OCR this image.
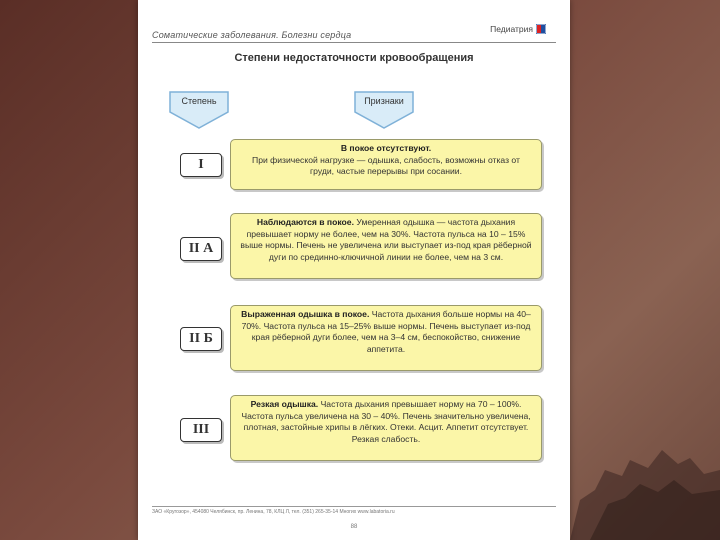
Соматические заболевания. Болезни сердца
Педиатрия
Степени недостаточности кровообращения
Степень	Признаки
I
В покое отсутствуют.
При физической нагрузке — одышка, слабость, возможны отказ от груди, частые перерывы при сосании.
II А
Наблюдаются в покое. Умеренная одышка — частота дыхания превышает норму не более, чем на 30%. Частота пульса на 10 – 15% выше нормы. Печень не увеличена или выступает из-под края рёберной дуги по срединно-ключичной линии не более, чем на 3 см.
II Б
Выраженная одышка в покое. Частота дыхания больше нормы на 40–70%. Частота пульса на 15–25% выше нормы. Печень выступает из-под края рёберной дуги более, чем на 3–4 см, беспокойство, снижение аппетита.
III
Резкая одышка. Частота дыхания превышает норму на 70 – 100%. Частота пульса увеличена на 30 – 40%. Печень значительно увеличена, плотная, застойные хрипы в лёгких. Отеки. Асцит. Аппетит отсутствует. Резкая слабость.
ЗАО «Кругозор», 454080 Челябинск, пр. Ленина, 78, КЛЦ Л, тел. (351) 265-35-14 Многих www.labatoria.ru
88
